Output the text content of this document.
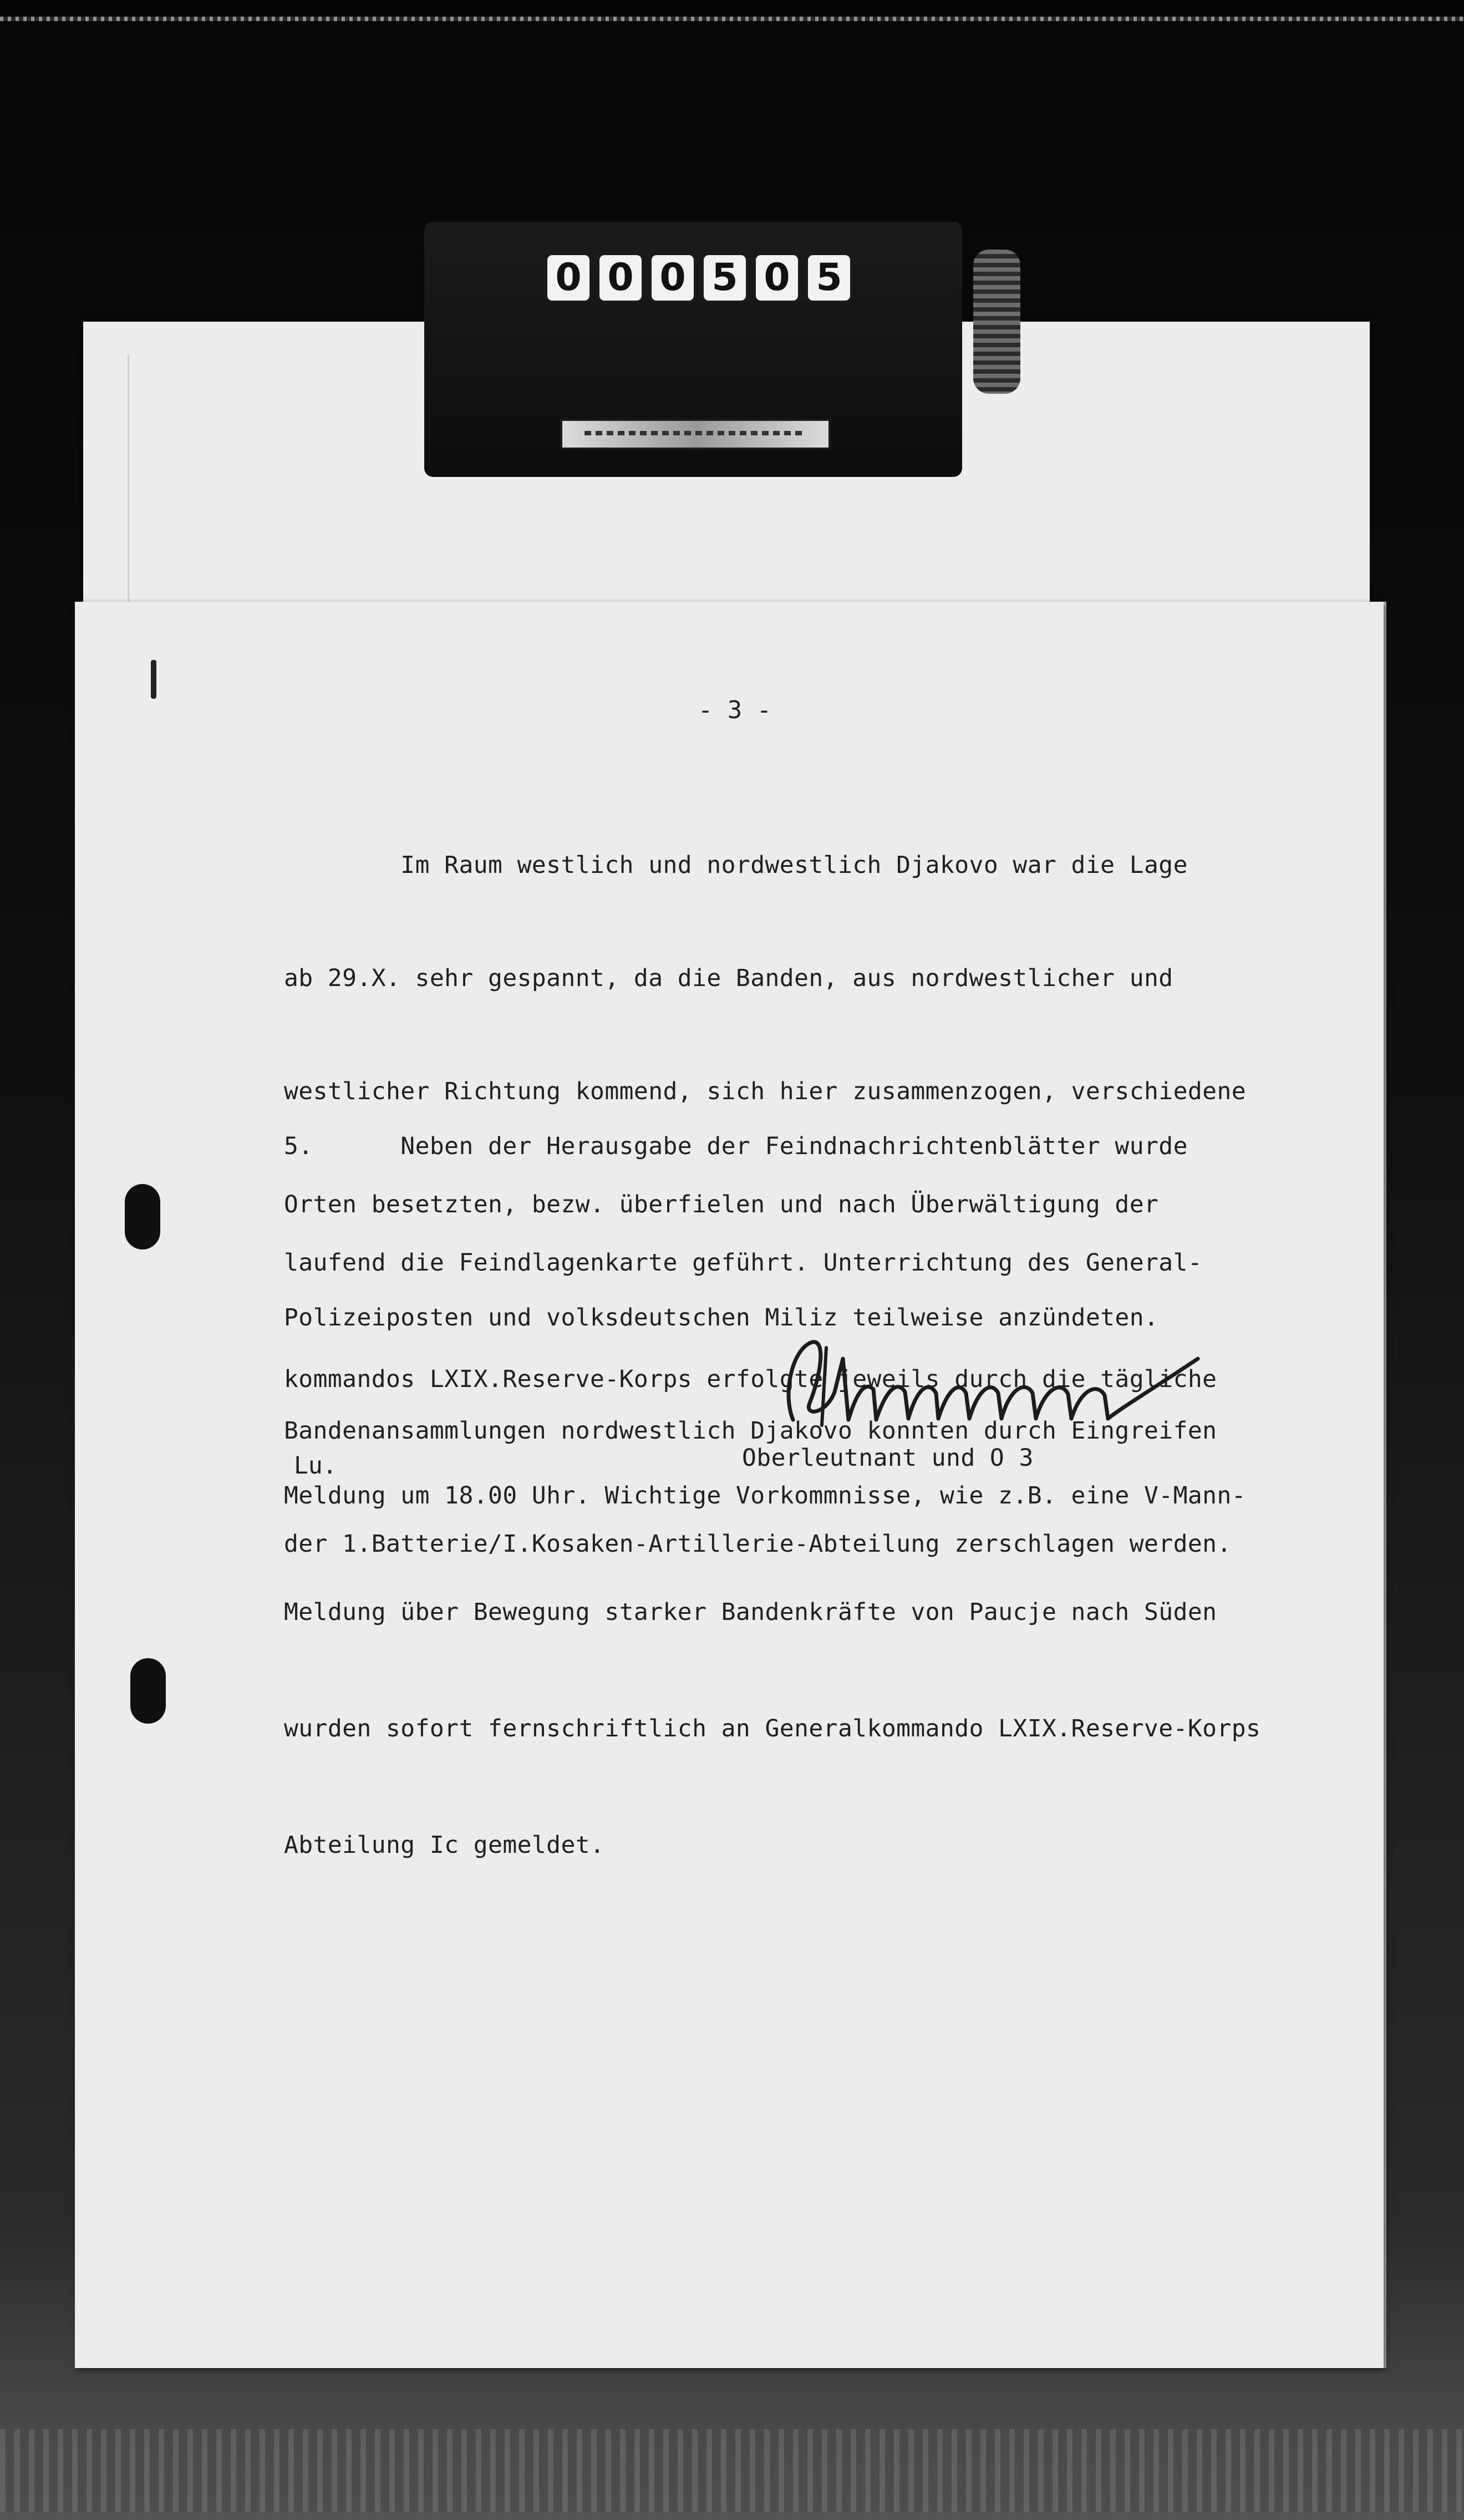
0 0 0 5 0 5
- 3 -

Im Raum westlich und nordwestlich Djakovo war die Lage

ab 29.X. sehr gespannt, da die Banden, aus nordwestlicher und

westlicher Richtung kommend, sich hier zusammenzogen, verschiedene

Orten besetzten, bezw. überfielen und nach Überwältigung der

Polizeiposten und volksdeutschen Miliz teilweise anzündeten.

Bandenansammlungen nordwestlich Djakovo konnten durch Eingreifen

der 1.Batterie/I.Kosaken-Artillerie-Abteilung zerschlagen werden.

5.      Neben der Herausgabe der Feindnachrichtenblätter wurde

laufend die Feindlagenkarte geführt. Unterrichtung des General-

kommandos LXIX.Reserve-Korps erfolgte jeweils durch die tägliche

Meldung um 18.00 Uhr. Wichtige Vorkommnisse, wie z.B. eine V-Mann-

Meldung über Bewegung starker Bandenkräfte von Paucje nach Süden

wurden sofort fernschriftlich an Generalkommando LXIX.Reserve-Korps

Abteilung Ic gemeldet.

Oberleutnant und O 3
Lu.
